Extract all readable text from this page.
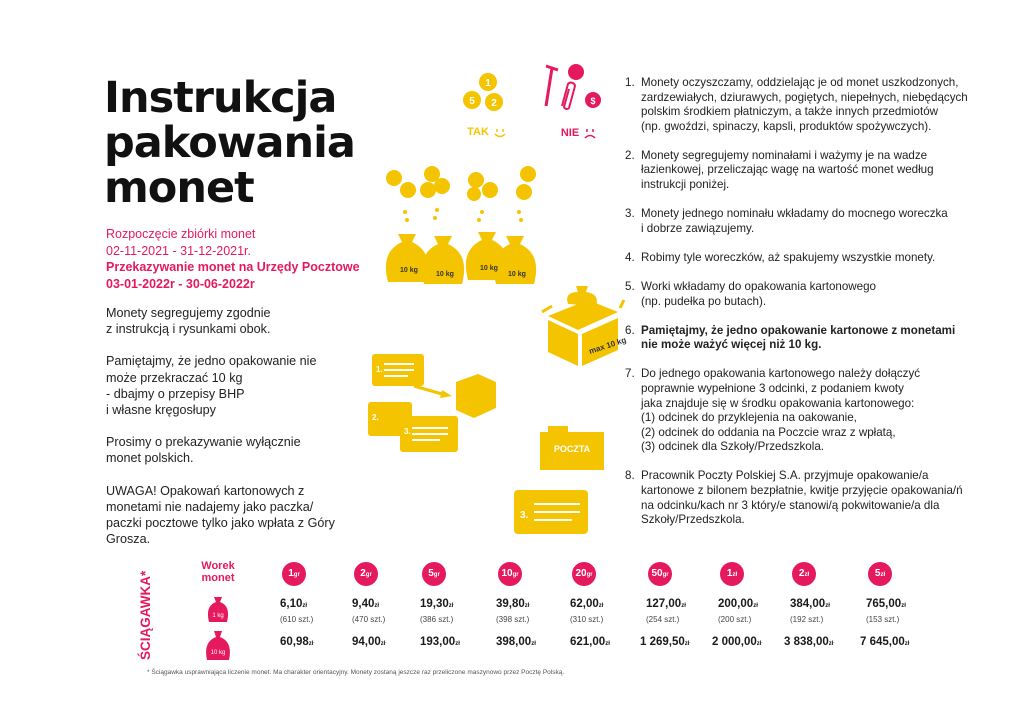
Instrukcja
pakowania
monet
Rozpoczęcie zbiórki monet
02-11-2021 - 31-12-2021r.
Przekazywanie monet na Urzędy Pocztowe
03-01-2022r - 30-06-2022r

Monety segregujemy zgodnie
z instrukcją i rysunkami obok.

Pamiętajmy, że jedno opakowanie nie
może przekraczać 10 kg
- dbajmy o przepisy BHP
i własne kręgosłupy

Prosimy o prekazywanie wyłącznie
monet polskich.

UWAGA! Opakowań kartonowych z
monetami nie nadajemy jako paczka/
paczki pocztowe tylko jako wpłata z Góry
Grosza.

1
5 2
TAK
$
NIE
10 kg
10 kg
10 kg
10 kg
max 10 kg
1.
2.
3.
POCZTA
3.
1. Monety oczyszczamy, oddzielając je od monet uszkodzonych,
zardzewiałych, dziurawych, pogiętych, niepełnych, niebędących
polskim środkiem płatniczym, a także innych przedmiotów
(np. gwoździ, spinaczy, kapsli, produktów spożywczych).
2. Monety segregujemy nominałami i ważymy je na wadze
łazienkowej, przeliczając wagę na wartość monet według
instrukcji poniżej.
3. Monety jednego nominału wkładamy do mocnego woreczka
i dobrze zawiązujemy.
4. Robimy tyle woreczków, aż spakujemy wszystkie monety.
5. Worki wkładamy do opakowania kartonowego
(np. pudełka po butach).
6. Pamiętajmy, że jedno opakowanie kartonowe z monetami
nie może ważyć więcej niż 10 kg.
7. Do jednego opakowania kartonowego należy dołączyć
poprawnie wypełnione 3 odcinki, z podaniem kwoty
jaka znajduje się w środku opakowania kartonowego:
(1) odcinek do przyklejenia na oakowanie,
(2) odcinek do oddania na Poczcie wraz z wpłatą,
(3) odcinek dla Szkoły/Przedszkola.
8. Pracownik Poczty Polskiej S.A. przyjmuje opakowanie/a
kartonowe z bilonem bezpłatnie, kwitje przyjęcie opakowania/ń
na odcinku/kach nr 3 który/e stanowi/ą pokwitowanie/a dla
Szkoły/Przedszkola.
ŚCIĄGAWKA*
Worek
monet
1 kg
10 kg
1gr
6,10zł
(610 szt.)
60,98zł
2gr
9,40zł
(470 szt.)
94,00zł
5gr
19,30zł
(386 szt.)
193,00zł
10gr
39,80zł
(398 szt.)
398,00zł
20gr
62,00zł
(310 szt.)
621,00zł
50gr
127,00zł
(254 szt.)
1 269,50zł
1zł
200,00zł
(200 szt.)
2 000,00zł
2zł
384,00zł
(192 szt.)
3 838,00zł
5zł
765,00zł
(153 szt.)
7 645,00zł
* Ściągawka usprawniająca liczenie monet. Ma charakter orientacyjny. Monety zostaną jeszcze raz przeliczone maszynowo przez Pocztę Polską.
